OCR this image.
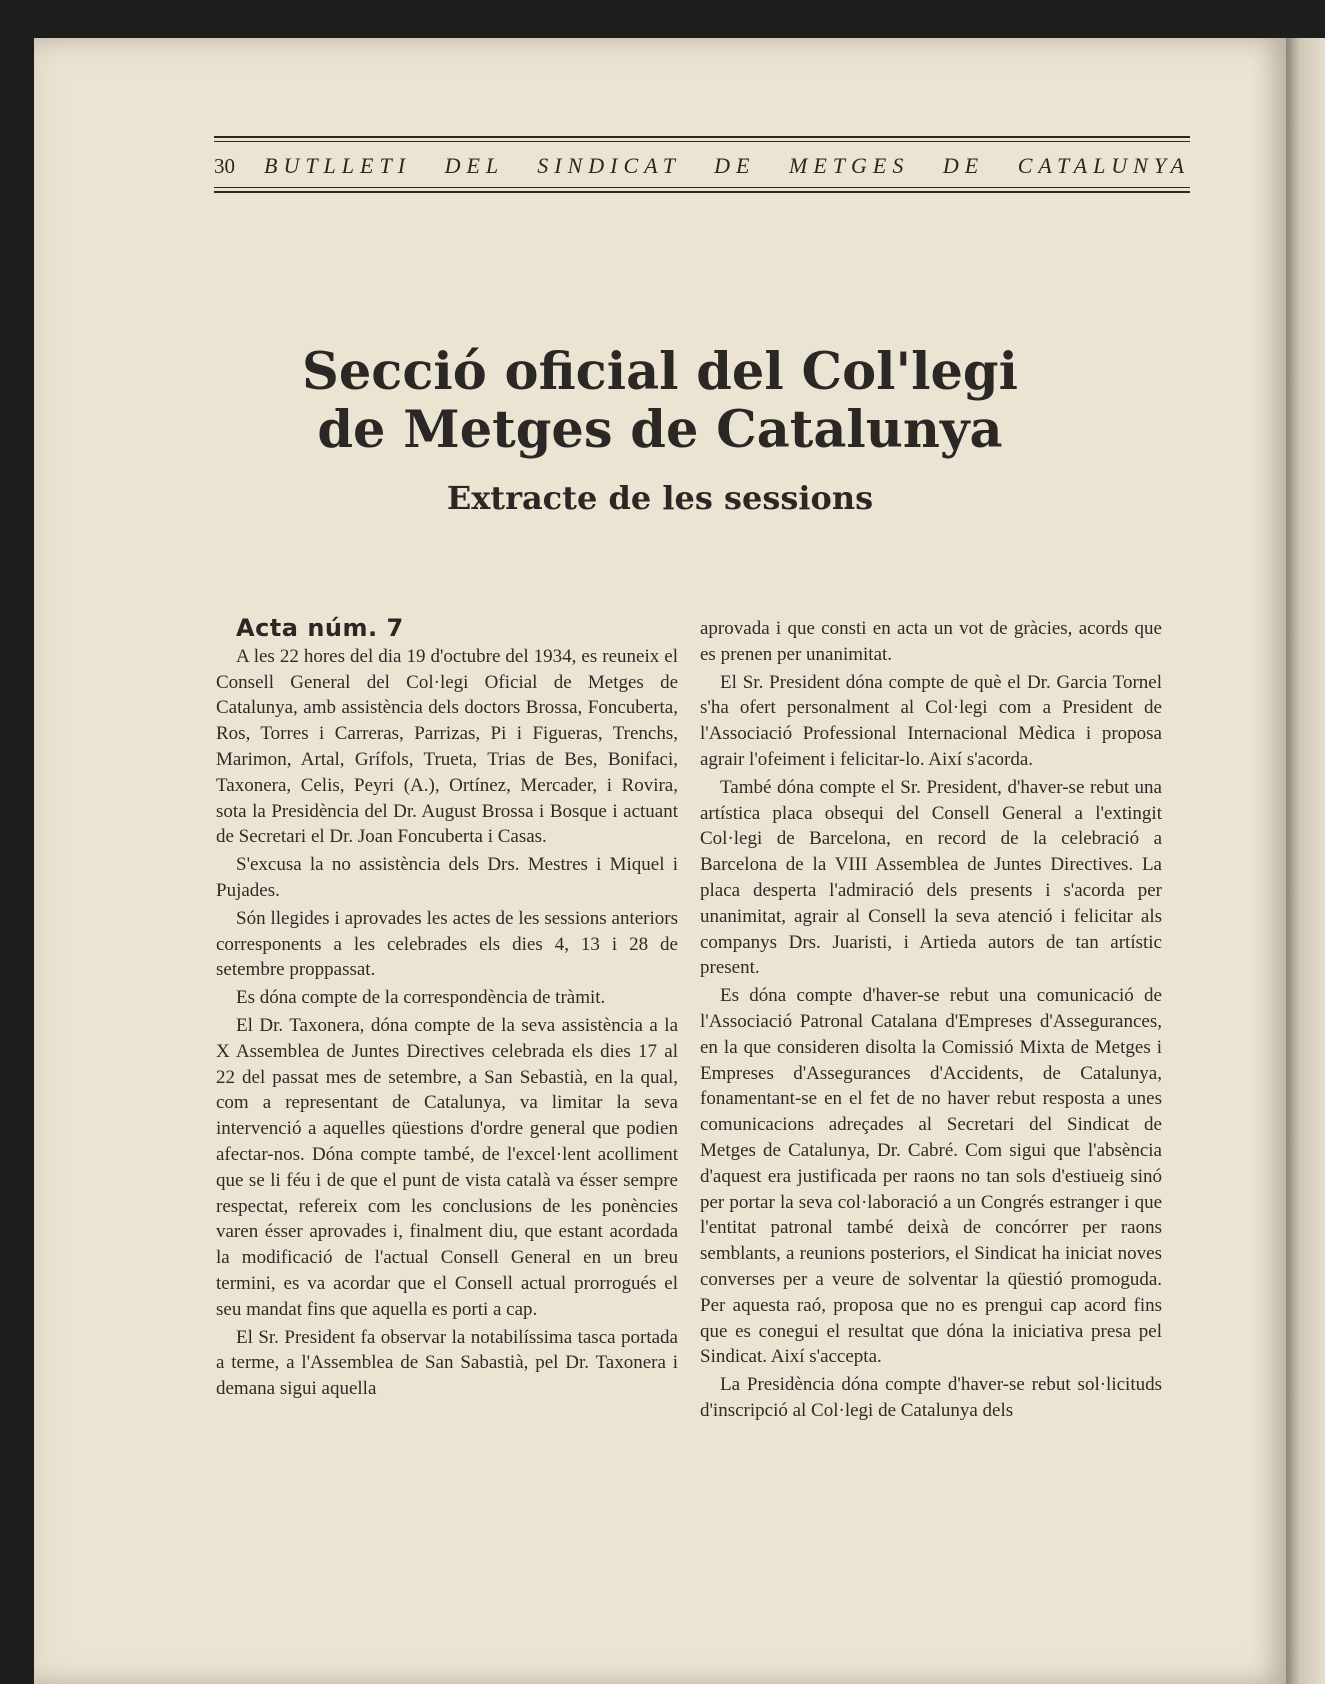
30	BUTLLETI DEL SINDICAT DE METGES DE CATALUNYA
Secció oficial del Col'legi
de Metges de Catalunya
Extracte de les sessions

Acta núm. 7

A les 22 hores del dia 19 d'octubre del 1934, es reuneix el Consell General del Col·legi Oficial de Metges de Catalunya, amb assistència dels doctors Brossa, Foncuberta, Ros, Torres i Carreras, Parrizas, Pi i Figueras, Trenchs, Marimon, Artal, Grífols, Trueta, Trias de Bes, Bonifaci, Taxonera, Celis, Peyri (A.), Ortínez, Mercader, i Rovira, sota la Presidència del Dr. August Brossa i Bosque i actuant de Secretari el Dr. Joan Foncuberta i Casas.

S'excusa la no assistència dels Drs. Mestres i Miquel i Pujades.

Són llegides i aprovades les actes de les sessions anteriors corresponents a les celebrades els dies 4, 13 i 28 de setembre proppassat.

Es dóna compte de la correspondència de tràmit.

El Dr. Taxonera, dóna compte de la seva assistència a la X Assemblea de Juntes Directives celebrada els dies 17 al 22 del passat mes de setembre, a San Sebastià, en la qual, com a representant de Catalunya, va limitar la seva intervenció a aquelles qüestions d'ordre general que podien afectar-nos. Dóna compte també, de l'excel·lent acolliment que se li féu i de que el punt de vista català va ésser sempre respectat, refereix com les conclusions de les ponències varen ésser aprovades i, finalment diu, que estant acordada la modificació de l'actual Consell General en un breu termini, es va acordar que el Consell actual prorrogués el seu mandat fins que aquella es porti a cap.

El Sr. President fa observar la notabilíssima tasca portada a terme, a l'Assemblea de San Sabastià, pel Dr. Taxonera i demana sigui aquella

aprovada i que consti en acta un vot de gràcies, acords que es prenen per unanimitat.

El Sr. President dóna compte de què el Dr. Garcia Tornel s'ha ofert personalment al Col·legi com a President de l'Associació Professional Internacional Mèdica i proposa agrair l'ofeiment i felicitar-lo. Així s'acorda.

També dóna compte el Sr. President, d'haver-se rebut una artística placa obsequi del Consell General a l'extingit Col·legi de Barcelona, en record de la celebració a Barcelona de la VIII Assemblea de Juntes Directives. La placa desperta l'admiració dels presents i s'acorda per unanimitat, agrair al Consell la seva atenció i felicitar als companys Drs. Juaristi, i Artieda autors de tan artístic present.

Es dóna compte d'haver-se rebut una comunicació de l'Associació Patronal Catalana d'Empreses d'Assegurances, en la que consideren disolta la Comissió Mixta de Metges i Empreses d'Assegurances d'Accidents, de Catalunya, fonamentant-se en el fet de no haver rebut resposta a unes comunicacions adreçades al Secretari del Sindicat de Metges de Catalunya, Dr. Cabré. Com sigui que l'absència d'aquest era justificada per raons no tan sols d'estiueig sinó per portar la seva col·laboració a un Congrés estranger i que l'entitat patronal també deixà de concórrer per raons semblants, a reunions posteriors, el Sindicat ha iniciat noves converses per a veure de solventar la qüestió promoguda. Per aquesta raó, proposa que no es prengui cap acord fins que es conegui el resultat que dóna la iniciativa presa pel Sindicat. Així s'accepta.

La Presidència dóna compte d'haver-se rebut sol·licituds d'inscripció al Col·legi de Catalunya dels
